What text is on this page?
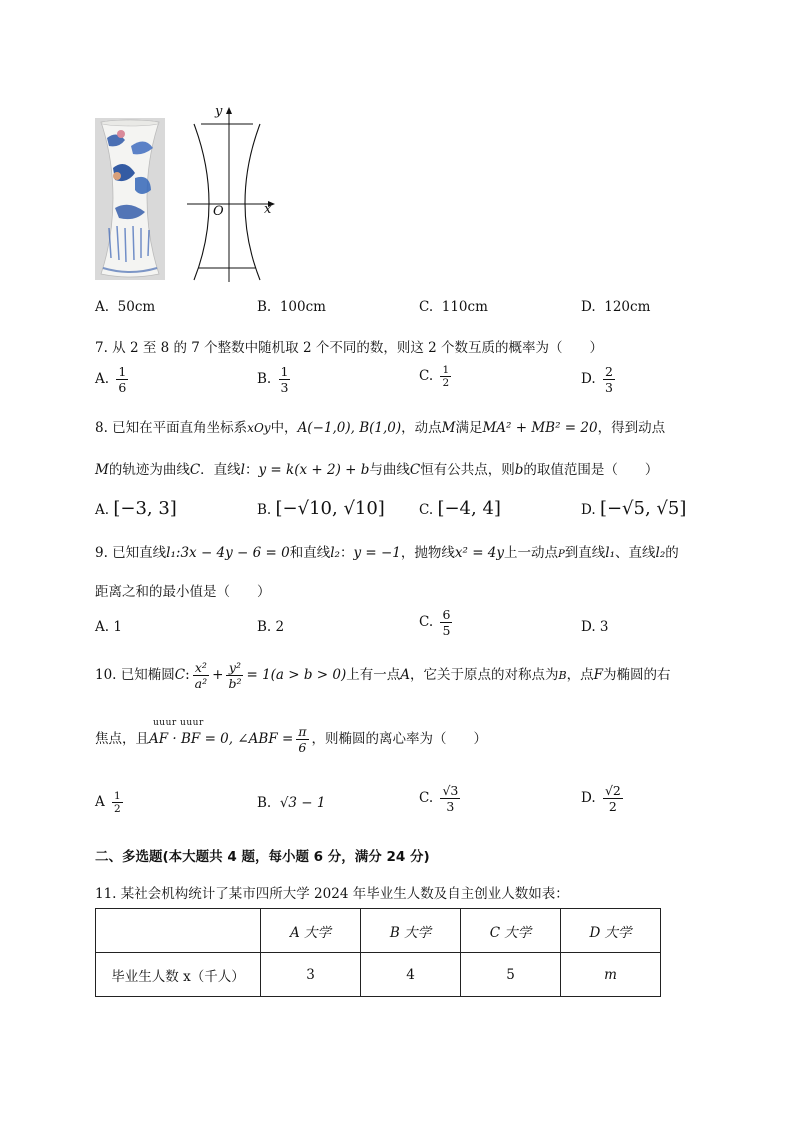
y
x
O
A. 50cm	B. 100cm	C. 110cm	D. 120cm
7. 从 2 至 8 的 7 个整数中随机取 2 个不同的数，则这 2 个数互质的概率为（　　）
A. $\frac{1}{6}$	B. $\frac{1}{3}$	C. $\frac{1}{2}$	D. $\frac{2}{3}$
8. 已知在平面直角坐标系xOy中，A(−1,0), B(1,0)，动点M满足MA² + MB² = 20，得到动点
M的轨迹为曲线C．直线l：y = k(x + 2) + b与曲线C恒有公共点，则b的取值范围是（　　）
A. [−3, 3]	B. [−√10, √10]	C. [−4, 4]	D. [−√5, √5]
9. 已知直线l₁:3x − 4y − 6 = 0和直线l₂：y = −1，抛物线x² = 4y上一动点P到直线l₁、直线l₂的
距离之和的最小值是（　　）
A. 1	B. 2	C. $\frac{6}{5}$	D. 3
10. 已知椭圆C: $\frac{\text{x²}}{\text{a²}} + \frac{\text{y²}}{\text{b²}} = 1(a > b > 0)$上有一点A，它关于原点的对称点为B，点F为椭圆的右
uuur uuur
焦点，且AF · BF = 0, ∠ABF = $\frac{\pi}{6}$ ，则椭圆的离心率为（　　）
A $\frac{1}{2}$	B. √3 − 1	C. $\frac{√3}{3}$	D. $\frac{√2}{2}$
二、多选题(本大题共 4 题，每小题 6 分，满分 24 分)
11. 某社会机构统计了某市四所大学 2024 年毕业生人数及自主创业人数如表：
	A 大学	B 大学	C 大学	D 大学
毕业生人数 x（千人）	3	4	5	m
